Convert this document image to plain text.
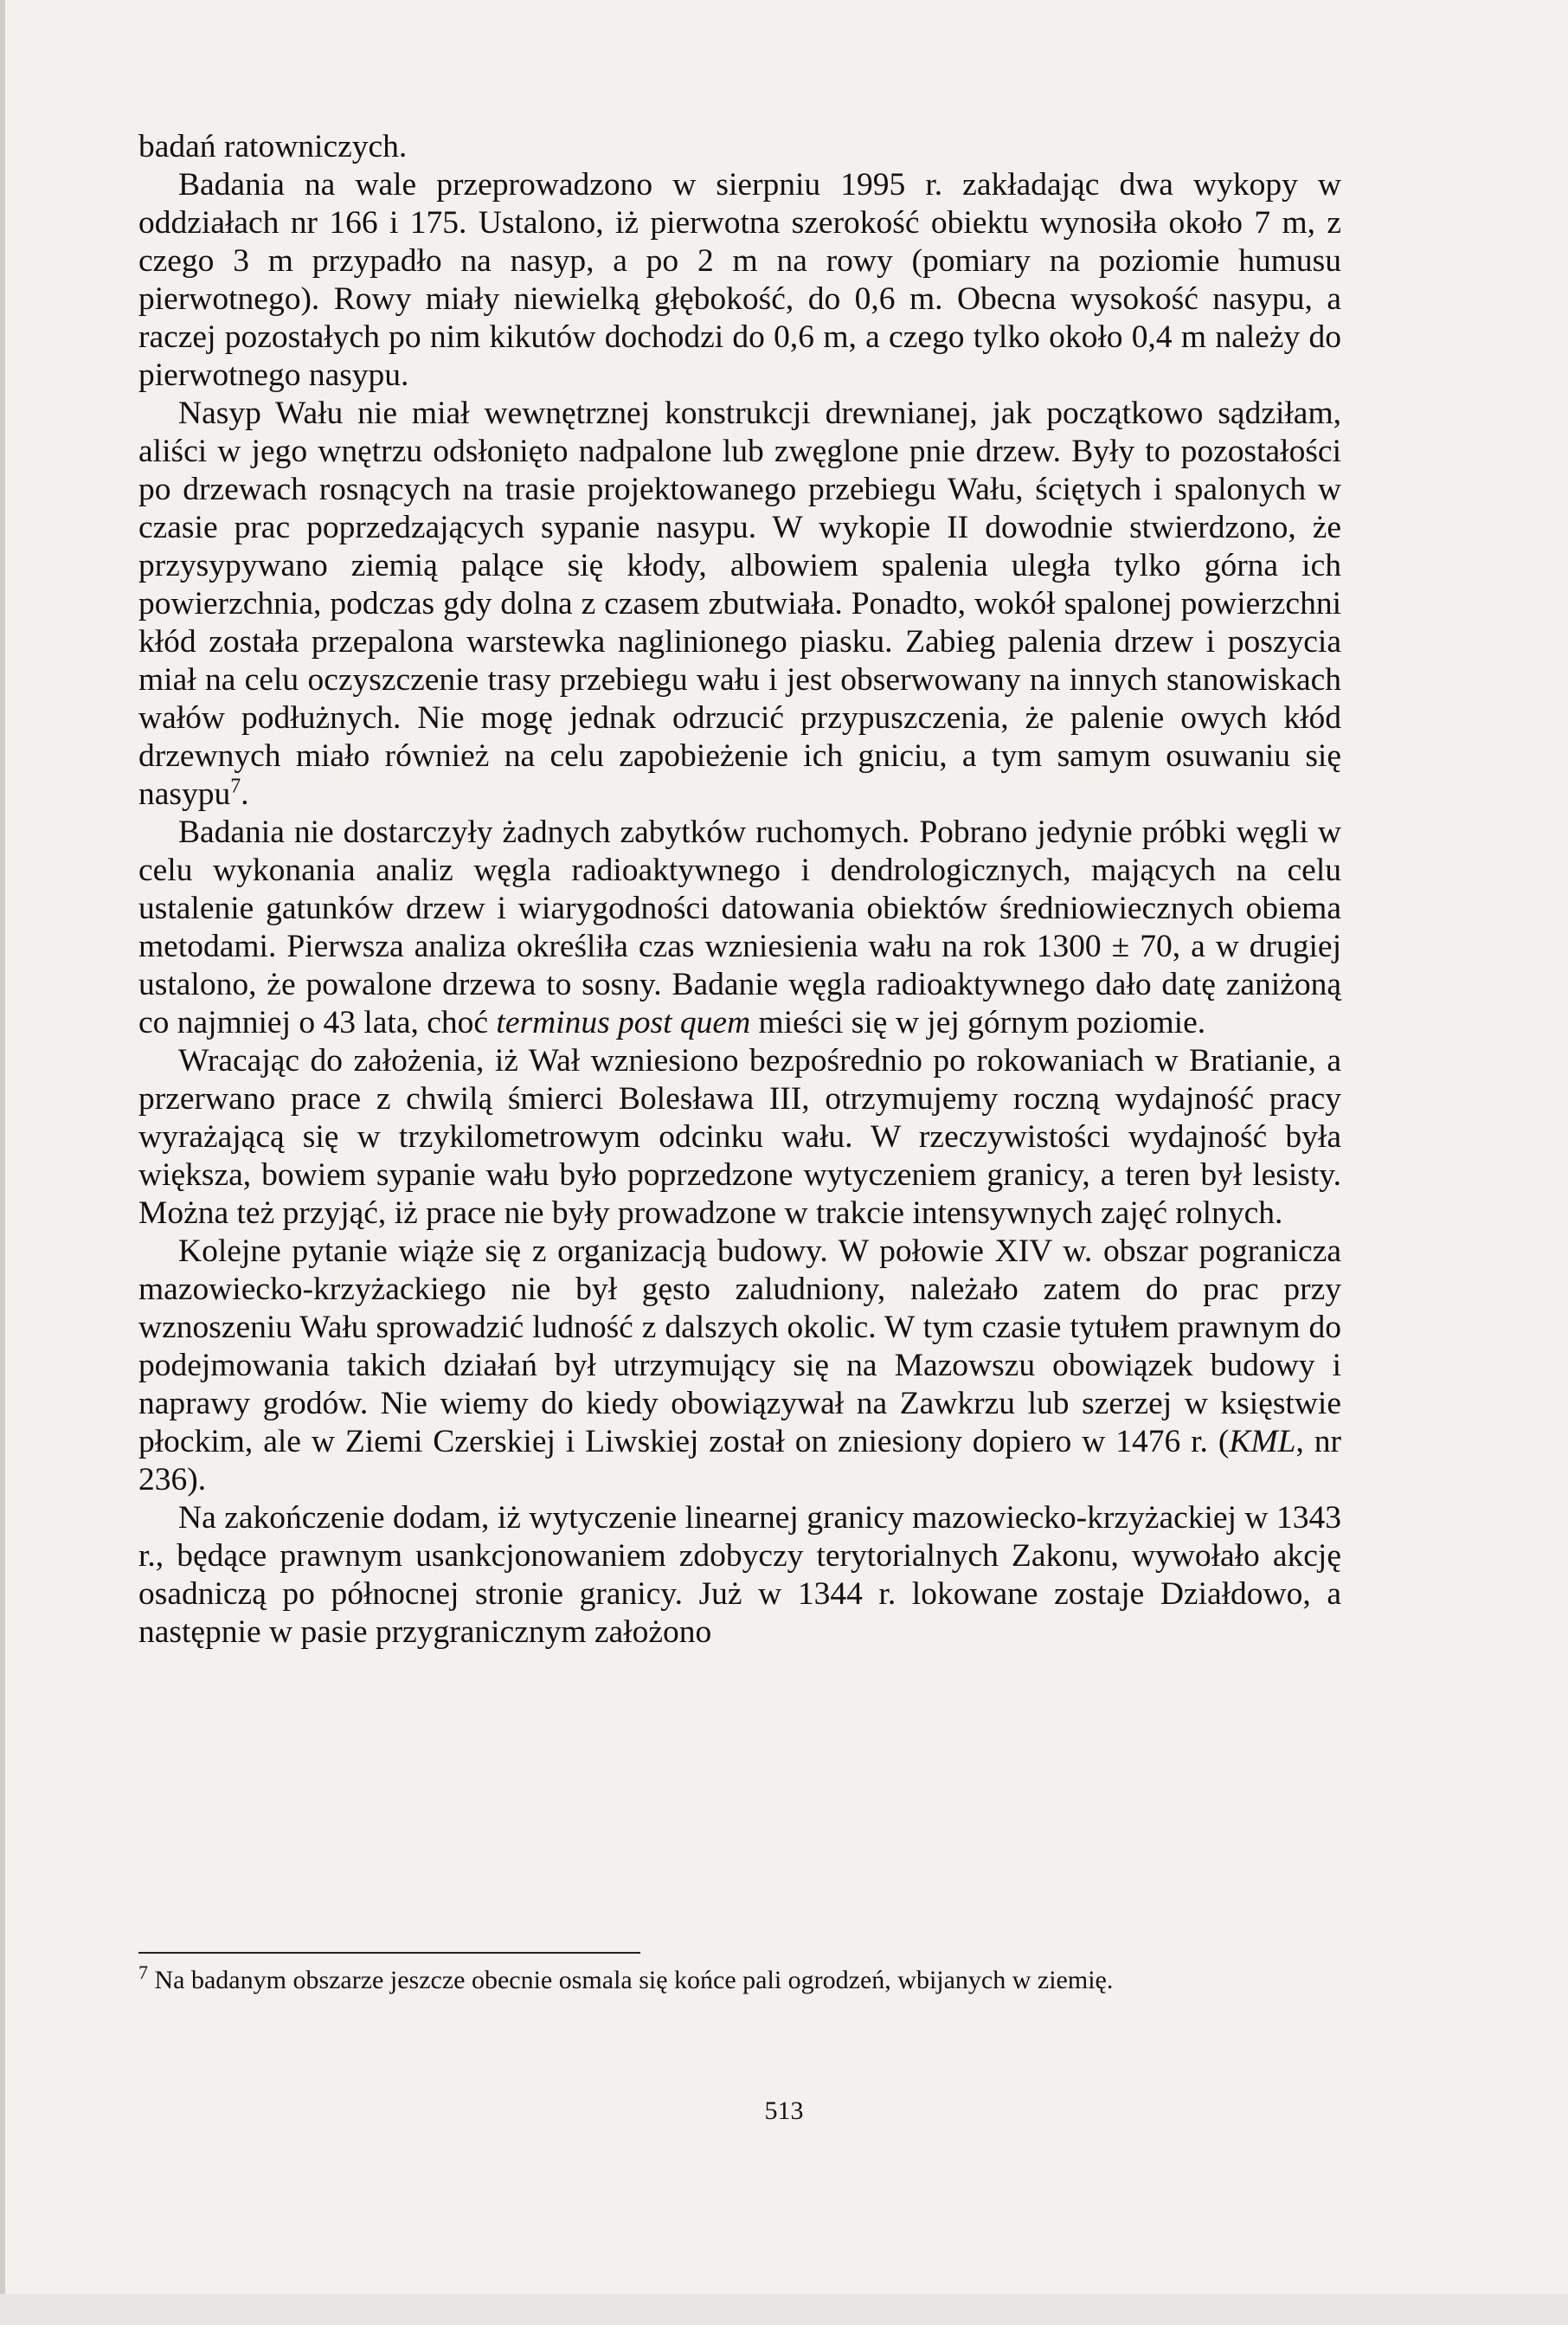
badań ratowniczych.

Badania na wale przeprowadzono w sierpniu 1995 r. zakładając dwa wykopy w oddziałach nr 166 i 175. Ustalono, iż pierwotna szerokość obiektu wynosiła około 7 m, z czego 3 m przypadło na nasyp, a po 2 m na rowy (pomiary na poziomie humusu pierwotnego). Rowy miały niewielką głębokość, do 0,6 m. Obecna wysokość nasypu, a raczej pozostałych po nim kikutów dochodzi do 0,6 m, a czego tylko około 0,4 m należy do pierwotnego nasypu.

Nasyp Wału nie miał wewnętrznej konstrukcji drewnianej, jak początkowo sądziłam, aliści w jego wnętrzu odsłonięto nadpalone lub zwęglone pnie drzew. Były to pozostałości po drzewach rosnących na trasie projektowanego przebiegu Wału, ściętych i spalonych w czasie prac poprzedzających sypanie nasypu. W wykopie II dowodnie stwierdzono, że przysypywano ziemią palące się kłody, albowiem spalenia uległa tylko górna ich powierzchnia, podczas gdy dolna z czasem zbutwiała. Ponadto, wokół spalonej powierzchni kłód została przepalona warstewka naglinionego piasku. Zabieg palenia drzew i poszycia miał na celu oczyszczenie trasy przebiegu wału i jest obserwowany na innych stanowiskach wałów podłużnych. Nie mogę jednak odrzucić przypuszczenia, że palenie owych kłód drzewnych miało również na celu zapobieżenie ich gniciu, a tym samym osuwaniu się nasypu$^7$.

Badania nie dostarczyły żadnych zabytków ruchomych. Pobrano jedynie próbki węgli w celu wykonania analiz węgla radioaktywnego i dendrologicznych, mających na celu ustalenie gatunków drzew i wiarygodności datowania obiektów średniowiecznych obiema metodami. Pierwsza analiza określiła czas wzniesienia wału na rok 1300 ± 70, a w drugiej ustalono, że powalone drzewa to sosny. Badanie węgla radioaktywnego dało datę zaniżoną co najmniej o 43 lata, choć terminus post quem mieści się w jej górnym poziomie.

Wracając do założenia, iż Wał wzniesiono bezpośrednio po rokowaniach w Bratianie, a przerwano prace z chwilą śmierci Bolesława III, otrzymujemy roczną wydajność pracy wyrażającą się w trzykilometrowym odcinku wału. W rzeczywistości wydajność była większa, bowiem sypanie wału było poprzedzone wytyczeniem granicy, a teren był lesisty. Można też przyjąć, iż prace nie były prowadzone w trakcie intensywnych zajęć rolnych.

Kolejne pytanie wiąże się z organizacją budowy. W połowie XIV w. obszar pogranicza mazowiecko-krzyżackiego nie był gęsto zaludniony, należało zatem do prac przy wznoszeniu Wału sprowadzić ludność z dalszych okolic. W tym czasie tytułem prawnym do podejmowania takich działań był utrzymujący się na Mazowszu obowiązek budowy i naprawy grodów. Nie wiemy do kiedy obowiązywał na Zawkrzu lub szerzej w księstwie płockim, ale w Ziemi Czerskiej i Liwskiej został on zniesiony dopiero w 1476 r. (KML, nr 236).

Na zakończenie dodam, iż wytyczenie linearnej granicy mazowiecko-krzyżackiej w 1343 r., będące prawnym usankcjonowaniem zdobyczy terytorialnych Zakonu, wywołało akcję osadniczą po północnej stronie granicy. Już w 1344 r. lokowane zostaje Działdowo, a następnie w pasie przygranicznym założono

$^7$ Na badanym obszarze jeszcze obecnie osmala się końce pali ogrodzeń, wbijanych w ziemię.

513
